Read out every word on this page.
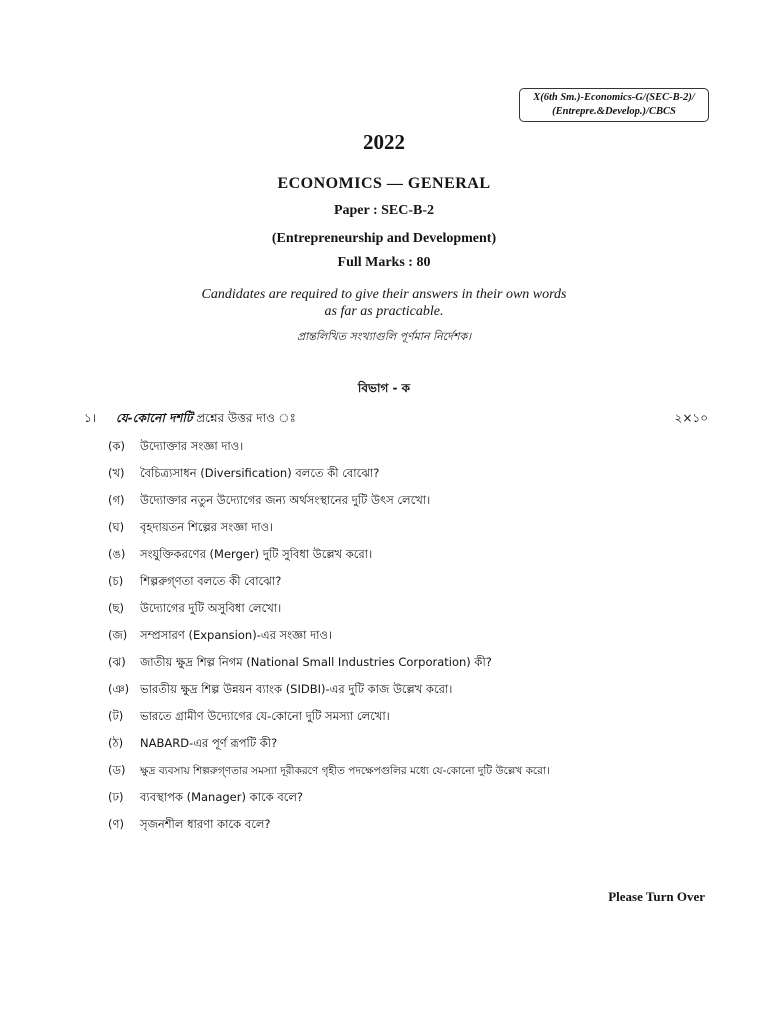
X(6th Sm.)-Economics-G/(SEC-B-2)/
(Entrepre.&Develop.)/CBCS
2022
ECONOMICS — GENERAL
Paper : SEC-B-2
(Entrepreneurship and Development)
Full Marks : 80
Candidates are required to give their answers in their own words
as far as practicable.
প্রান্তলিখিত সংখ্যাগুলি পূর্ণমান নির্দেশক।
বিভাগ - ক
১। যে-কোনো দশটি প্রশ্নের উত্তর দাও ঃ	২×১০
(ক) উদ্যোক্তার সংজ্ঞা দাও।
(খ) বৈচিত্র্যসাধন (Diversification) বলতে কী বোঝো?
(গ) উদ্যোক্তার নতুন উদ্যোগের জন্য অর্থসংস্থানের দুটি উৎস লেখো।
(ঘ) বৃহদায়তন শিল্পের সংজ্ঞা দাও।
(ঙ) সংযুক্তিকরণের (Merger) দুটি সুবিধা উল্লেখ করো।
(চ) শিল্পরুগ্ণতা বলতে কী বোঝো?
(ছ) উদ্যোগের দুটি অসুবিধা লেখো।
(জ) সম্প্রসারণ (Expansion)-এর সংজ্ঞা দাও।
(ঝ) জাতীয় ক্ষুদ্র শিল্প নিগম (National Small Industries Corporation) কী?
(ঞ) ভারতীয় ক্ষুদ্র শিল্প উন্নয়ন ব্যাংক (SIDBI)-এর দুটি কাজ উল্লেখ করো।
(ট) ভারতে গ্রামীণ উদ্যোগের যে-কোনো দুটি সমস্যা লেখো।
(ঠ) NABARD-এর পূর্ণ রূপটি কী?
(ড) ক্ষুদ্র ব্যবসায় শিল্পরুগ্ণতার সমস্যা দূরীকরণে গৃহীত পদক্ষেপগুলির মধ্যে যে-কোনো দুটি উল্লেখ করো।
(ঢ) ব্যবস্থাপক (Manager) কাকে বলে?
(ণ) সৃজনশীল ধারণা কাকে বলে?
Please Turn Over
